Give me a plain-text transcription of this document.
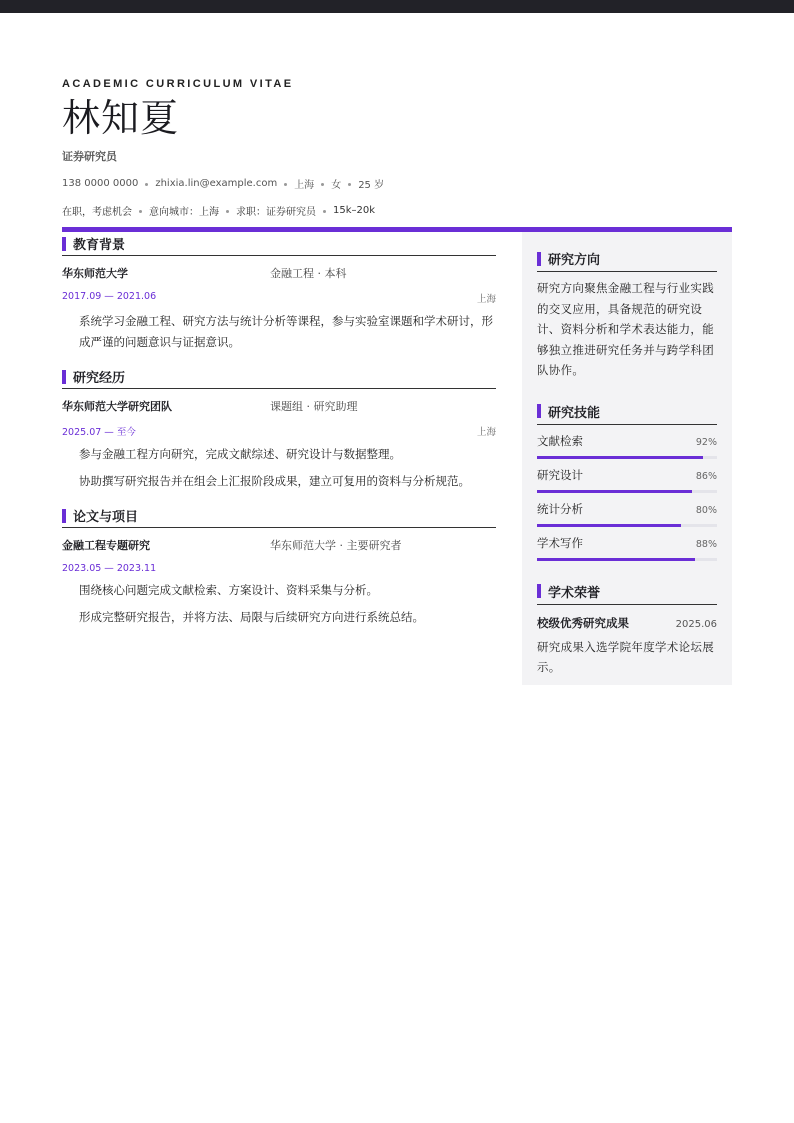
ACADEMIC CURRICULUM VITAE
林知夏
证券研究员
138 0000 0000 zhixia.lin@example.com 上海 女 25 岁
在职，考虑机会 意向城市：上海 求职：证券研究员 15k–20k
教育背景
华东师范大学	金融工程 · 本科
2017.09 — 2021.06	上海
系统学习金融工程、研究方法与统计分析等课程，参与实验室课题和学术研讨，形成严谨的问题意识与证据意识。
研究经历
华东师范大学研究团队	课题组 · 研究助理
2025.07 — 至今	上海
参与金融工程方向研究，完成文献综述、研究设计与数据整理。
协助撰写研究报告并在组会上汇报阶段成果，建立可复用的资料与分析规范。
论文与项目
金融工程专题研究	华东师范大学 · 主要研究者
2023.05 — 2023.11
围绕核心问题完成文献检索、方案设计、资料采集与分析。
形成完整研究报告，并将方法、局限与后续研究方向进行系统总结。
研究方向
研究方向聚焦金融工程与行业实践的交叉应用，具备规范的研究设计、资料分析和学术表达能力，能够独立推进研究任务并与跨学科团队协作。
研究技能
文献检索	92%
研究设计	86%
统计分析	80%
学术写作	88%
学术荣誉
校级优秀研究成果	2025.06
研究成果入选学院年度学术论坛展示。
